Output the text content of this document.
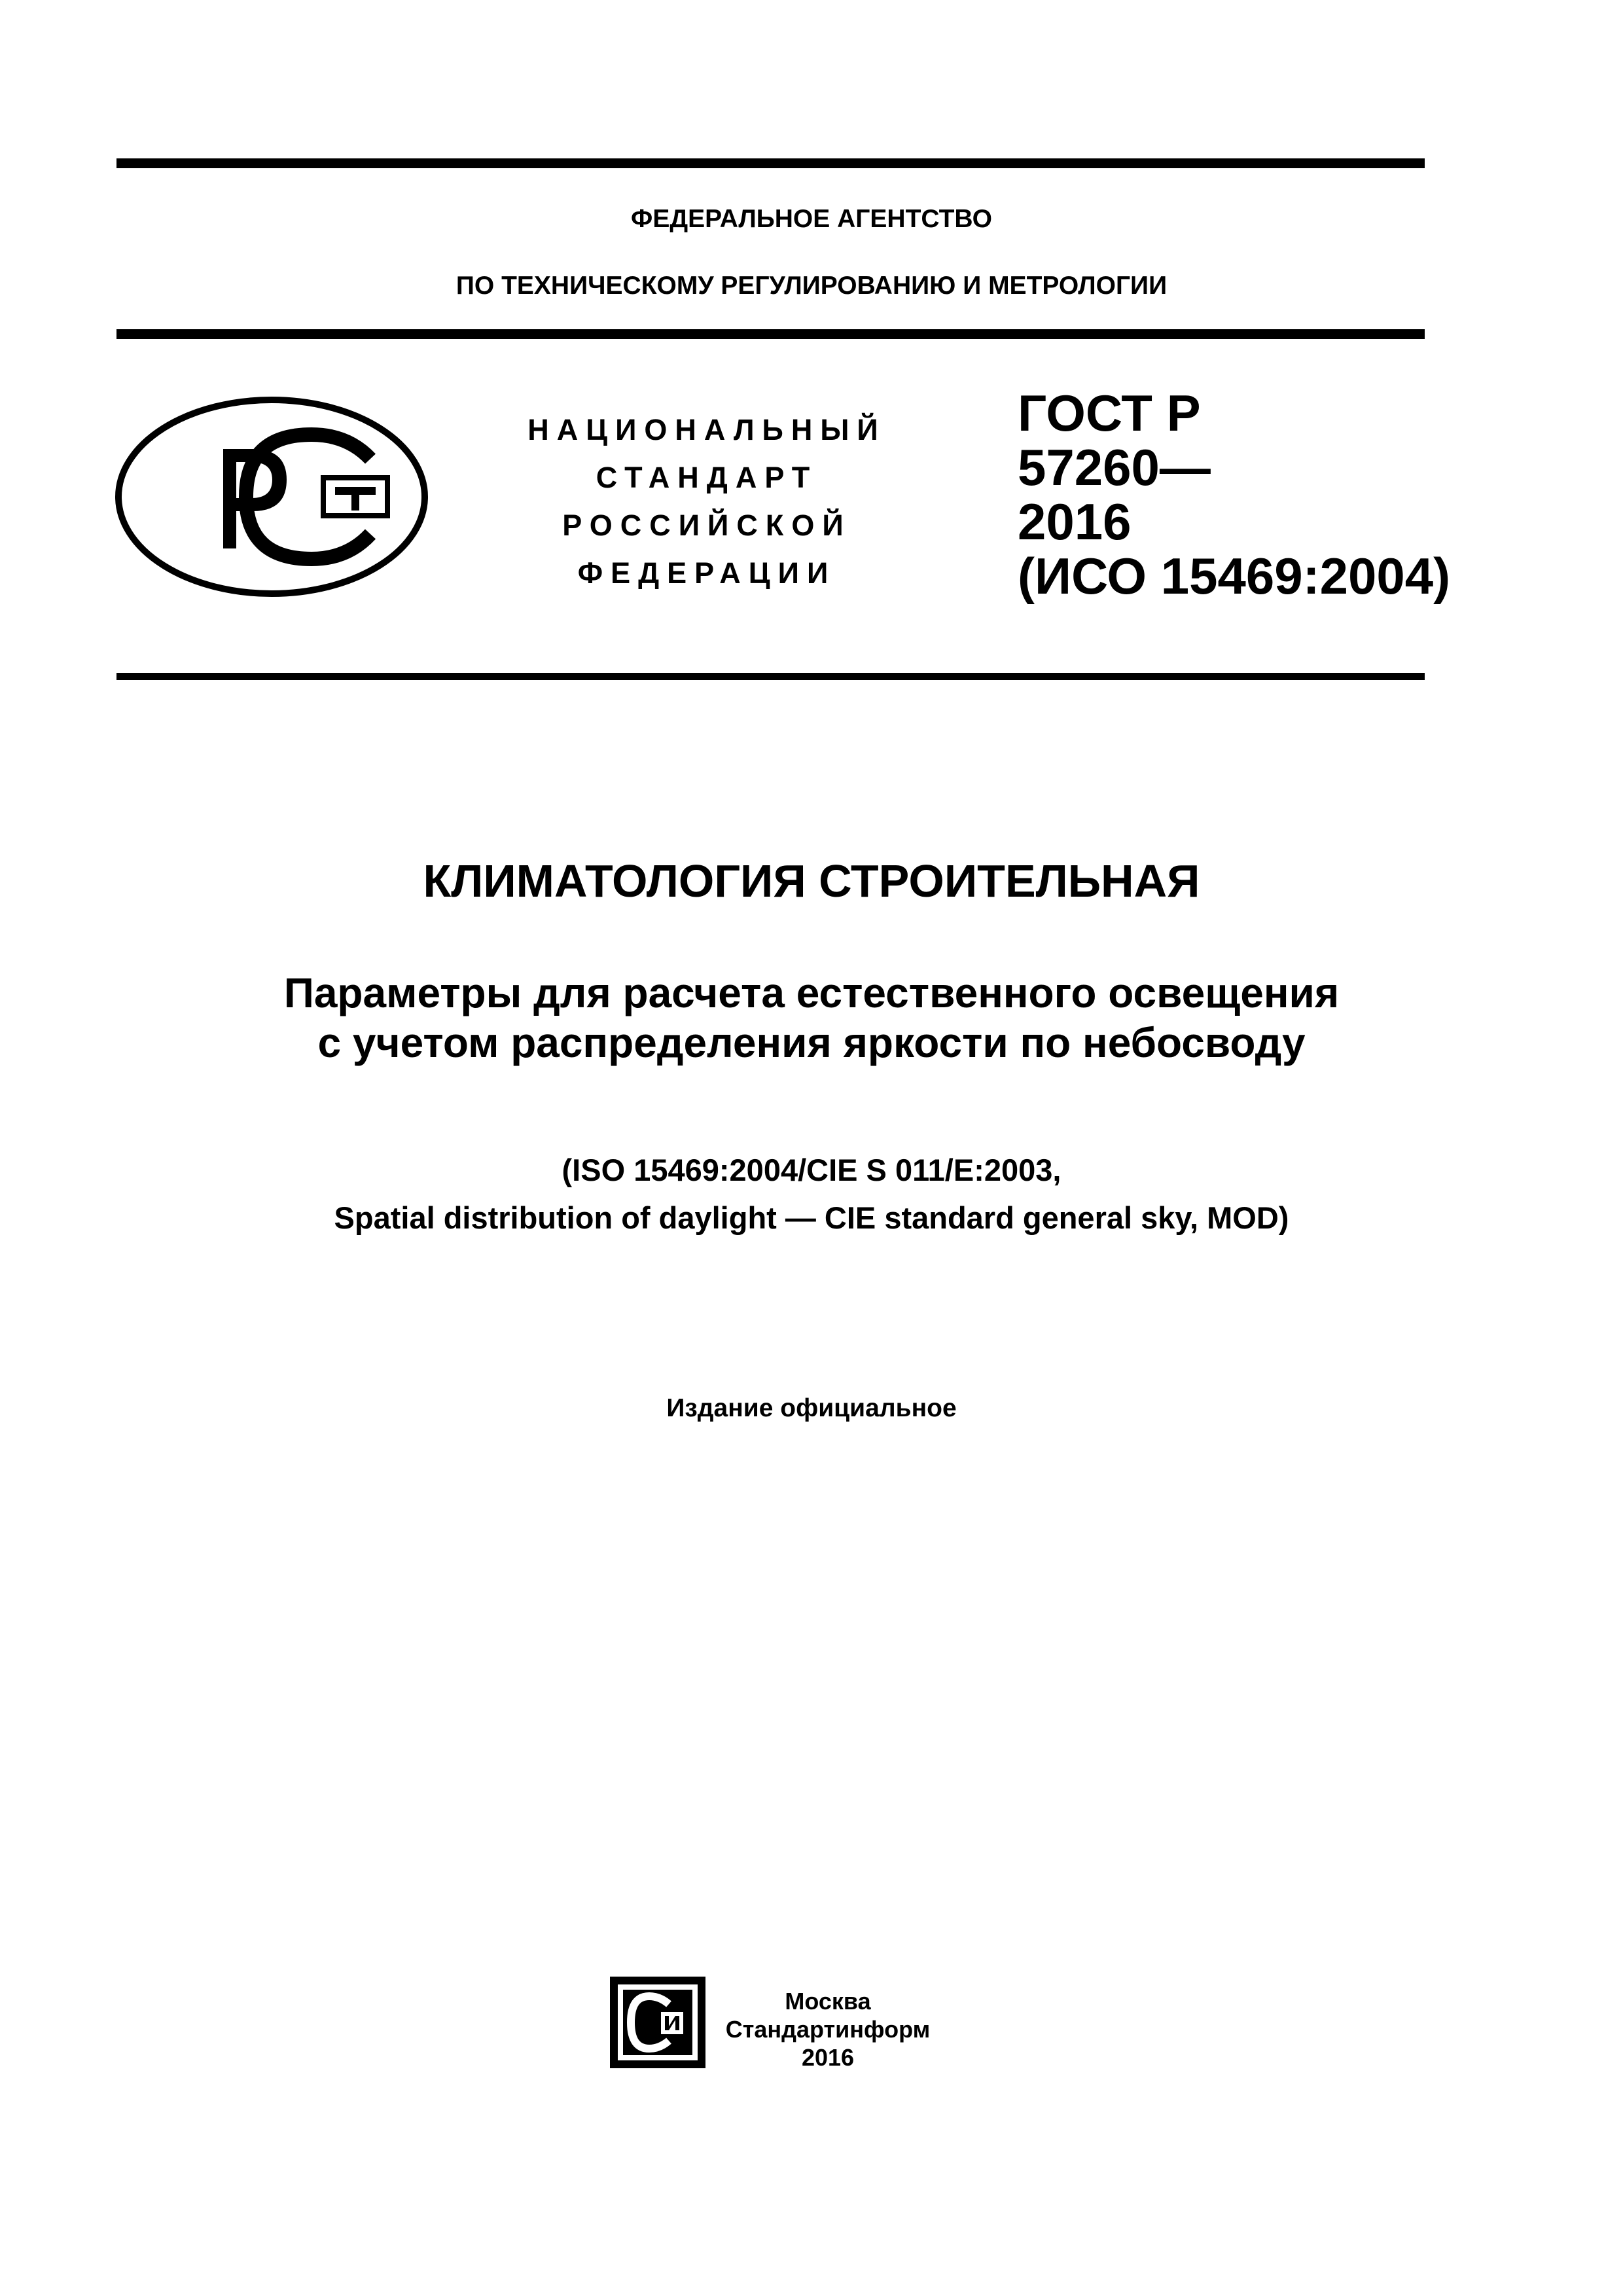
ФЕДЕРАЛЬНОЕ АГЕНТСТВО
ПО ТЕХНИЧЕСКОМУ РЕГУЛИРОВАНИЮ И МЕТРОЛОГИИ
НАЦИОНАЛЬНЫЙ
СТАНДАРТ
РОССИЙСКОЙ
ФЕДЕРАЦИИ
ГОСТ Р
57260—
2016
(ИСО 15469:2004)
КЛИМАТОЛОГИЯ СТРОИТЕЛЬНАЯ
Параметры для расчета естественного освещения
с учетом распределения яркости по небосводу
(ISO 15469:2004/CIE S 011/E:2003,
Spatial distribution of daylight — CIE standard general sky, MOD)
Издание официальное
Москва
Стандартинформ
2016
